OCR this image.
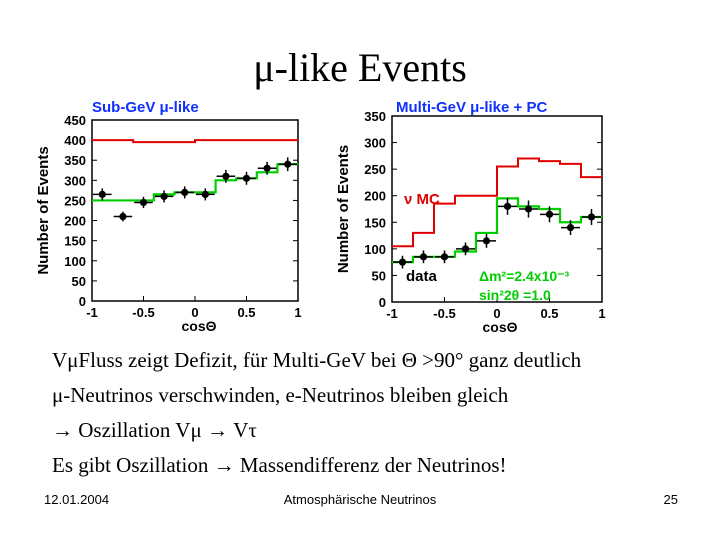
μ-like Events
Sub-GeV μ-like
Number of Events
0
50
100
150
200
250
300
350
400
450
-1	-0.5	0	0.5	1
cosΘ
Multi-GeV μ-like + PC
Number of Events
0
50
100
150
200
250
300
350
-1	-0.5	0	0.5	1
cosΘ
ν MC
data	Δm²=2.4x10⁻³
sin²2θ =1.0
VμFluss zeigt Defizit, für Multi-GeV bei Θ >90° ganz deutlich
μ-Neutrinos verschwinden, e-Neutrinos bleiben gleich
→ Oszillation Vμ → Vτ
Es gibt Oszillation → Massendifferenz der Neutrinos!
12.01.2004	Atmosphärische Neutrinos	25
